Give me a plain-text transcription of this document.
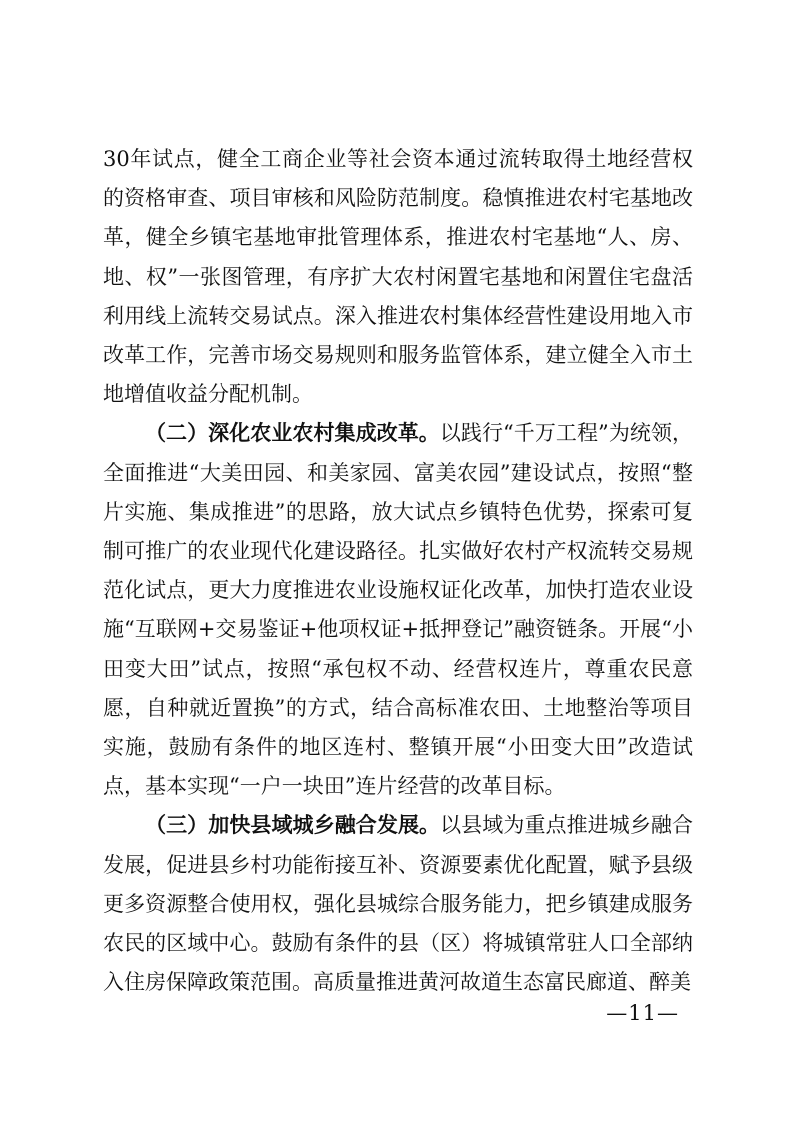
30年试点，健全工商企业等社会资本通过流转取得土地经营权的资格审查、项目审核和风险防范制度。稳慎推进农村宅基地改革，健全乡镇宅基地审批管理体系，推进农村宅基地“人、房、地、权”一张图管理，有序扩大农村闲置宅基地和闲置住宅盘活利用线上流转交易试点。深入推进农村集体经营性建设用地入市改革工作，完善市场交易规则和服务监管体系，建立健全入市土地增值收益分配机制。

（二）深化农业农村集成改革。以践行“千万工程”为统领，全面推进“大美田园、和美家园、富美农园”建设试点，按照“整片实施、集成推进”的思路，放大试点乡镇特色优势，探索可复制可推广的农业现代化建设路径。扎实做好农村产权流转交易规范化试点，更大力度推进农业设施权证化改革，加快打造农业设施“互联网+交易鉴证+他项权证+抵押登记”融资链条。开展“小田变大田”试点，按照“承包权不动、经营权连片，尊重农民意愿，自种就近置换”的方式，结合高标准农田、土地整治等项目实施，鼓励有条件的地区连村、整镇开展“小田变大田”改造试点，基本实现“一户一块田”连片经营的改革目标。

（三）加快县域城乡融合发展。以县域为重点推进城乡融合发展，促进县乡村功能衔接互补、资源要素优化配置，赋予县级更多资源整合使用权，强化县城综合服务能力，把乡镇建成服务农民的区域中心。鼓励有条件的县（区）将城镇常驻人口全部纳入住房保障政策范围。高质量推进黄河故道生态富民廊道、醉美

—11—
